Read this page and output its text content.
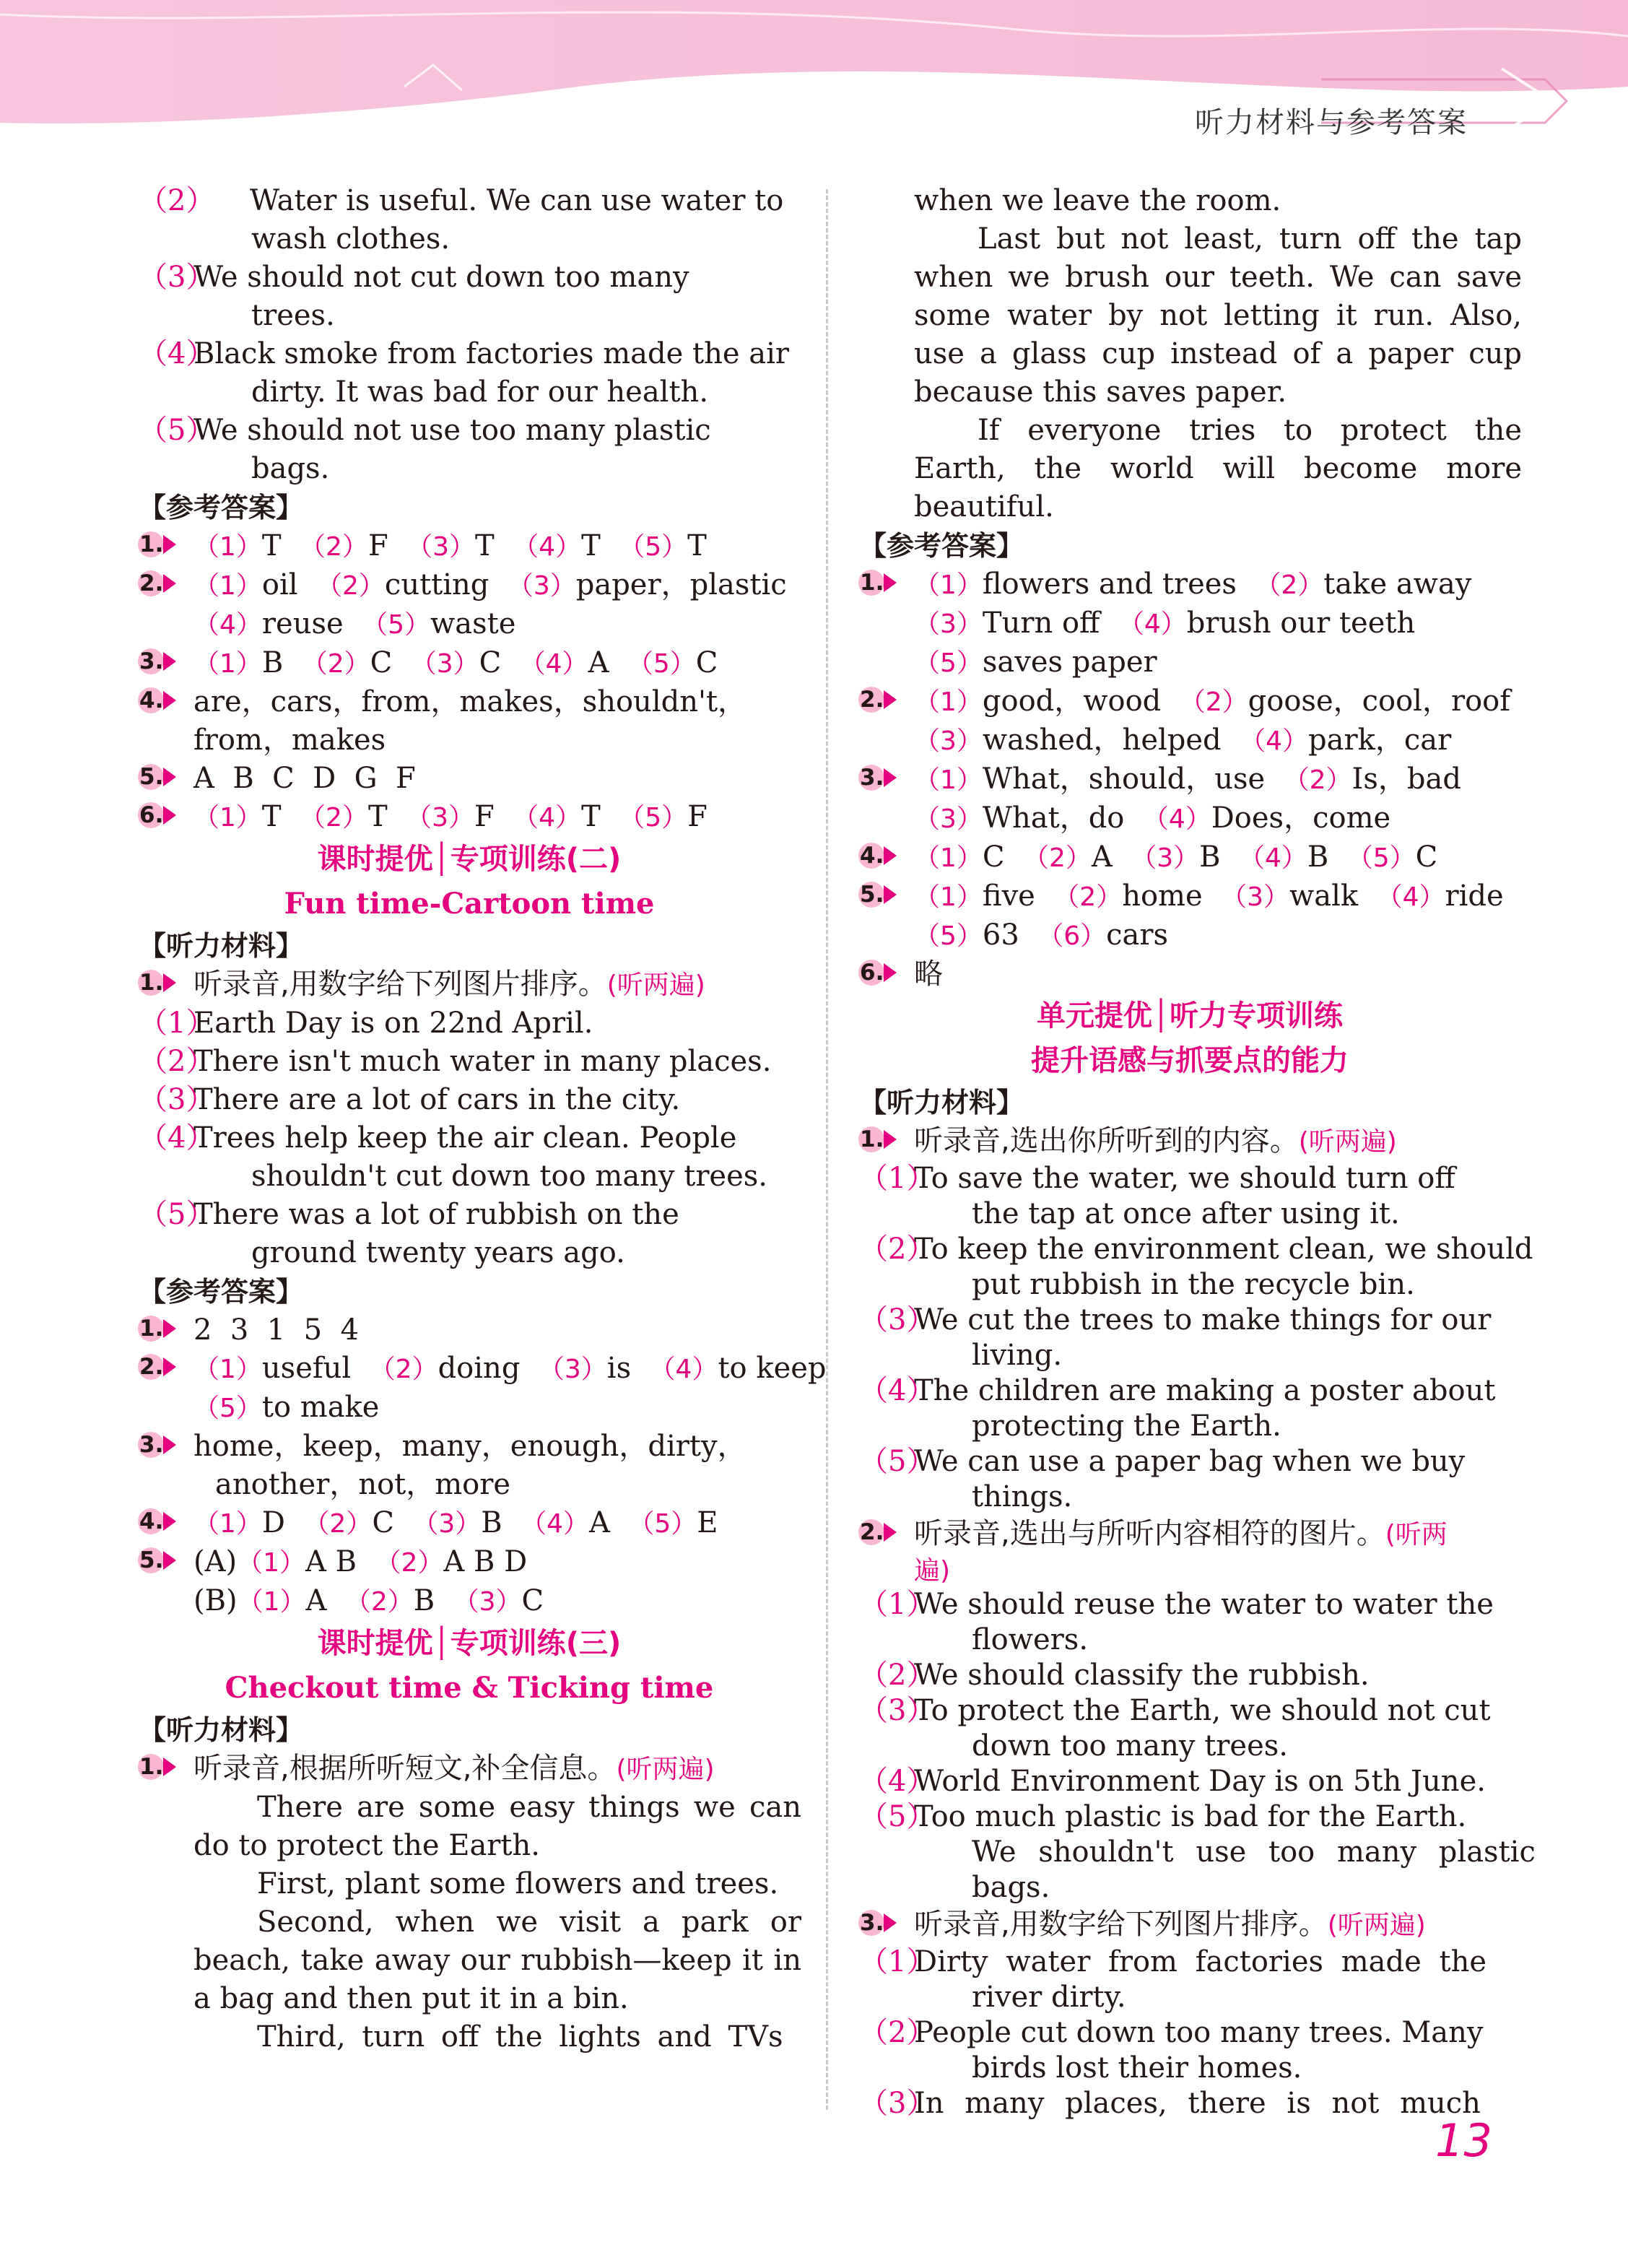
听力材料与参考答案
（2） Water is useful. We can use water to
wash clothes.
（3）
We should not cut down too many
trees.
（4）
Black smoke from factories made the air
dirty. It was bad for our health.
（5）
We should not use too many plastic
bags.
【参考答案】
1. （1）T （2）F （3）T （4）T （5）T
2. （1）oil （2）cutting （3）paper，plastic
（4）reuse （5）waste
3. （1）B （2）C （3）C （4）A （5）C
4. are，cars，from，makes，shouldn't，
from，makes
5. A  B  C  D  G  F
6. （1）T （2）T （3）F （4）T （5）F
课时提优│专项训练(二)
Fun time-Cartoon time
【听力材料】
1. 听录音,用数字给下列图片排序。(听两遍)
（1）
Earth Day is on 22nd April.
（2）
There isn't much water in many places.
（3）
There are a lot of cars in the city.
（4）
Trees help keep the air clean. People
shouldn't cut down too many trees.
（5）
There was a lot of rubbish on the
ground twenty years ago.
【参考答案】
1. 2  3  1  5  4
2. （1）useful （2）doing （3）is （4）to keep
（5）to make
3. home，keep，many，enough，dirty，
another，not，more
4. （1）D （2）C （3）B （4）A （5）E
5. (A)（1）A B （2）A B D
(B)（1）A （2）B （3）C
课时提优│专项训练(三)
Checkout time & Ticking time
【听力材料】
1. 听录音,根据所听短文,补全信息。(听两遍)
There are some easy things we can do to protect the Earth.
First, plant some flowers and trees.
Second, when we visit a park or beach, take away our rubbish—keep it in a bag and then put it in a bin.
Third, turn off the lights and TVs
when we leave the room.
Last but not least, turn off the tap when we brush our teeth. We can save some water by not letting it run. Also, use a glass cup instead of a paper cup because this saves paper.
If everyone tries to protect the Earth, the world will become more beautiful.
【参考答案】
1. （1）flowers and trees （2）take away
（3）Turn off （4）brush our teeth
（5）saves paper
2. （1）good，wood （2）goose，cool，roof
（3）washed，helped （4）park，car
3. （1）What，should，use （2）Is，bad
（3）What，do （4）Does，come
4. （1）C （2）A （3）B （4）B （5）C
5. （1）five （2）home （3）walk （4）ride
（5）63 （6）cars
6. 略
单元提优│听力专项训练
提升语感与抓要点的能力
【听力材料】
1. 听录音,选出你所听到的内容。(听两遍)
（1）
To save the water, we should turn off
the tap at once after using it.
（2）
To keep the environment clean, we should
put rubbish in the recycle bin.
（3）
We cut the trees to make things for our
living.
（4）
The children are making a poster about
protecting the Earth.
（5）
We can use a paper bag when we buy
things.
2. 听录音,选出与所听内容相符的图片。(听两
遍)
（1）
We should reuse the water to water the
flowers.
（2）
We should classify the rubbish.
（3）
To protect the Earth, we should not cut
down too many trees.
（4）
World Environment Day is on 5th June.
（5）
Too much plastic is bad for the Earth.
We shouldn't use too many plastic
bags.
3. 听录音,用数字给下列图片排序。(听两遍)
（1）
Dirty water from factories made the
river dirty.
（2）
People cut down too many trees. Many
birds lost their homes.
（3）
In many places, there is not much
13
